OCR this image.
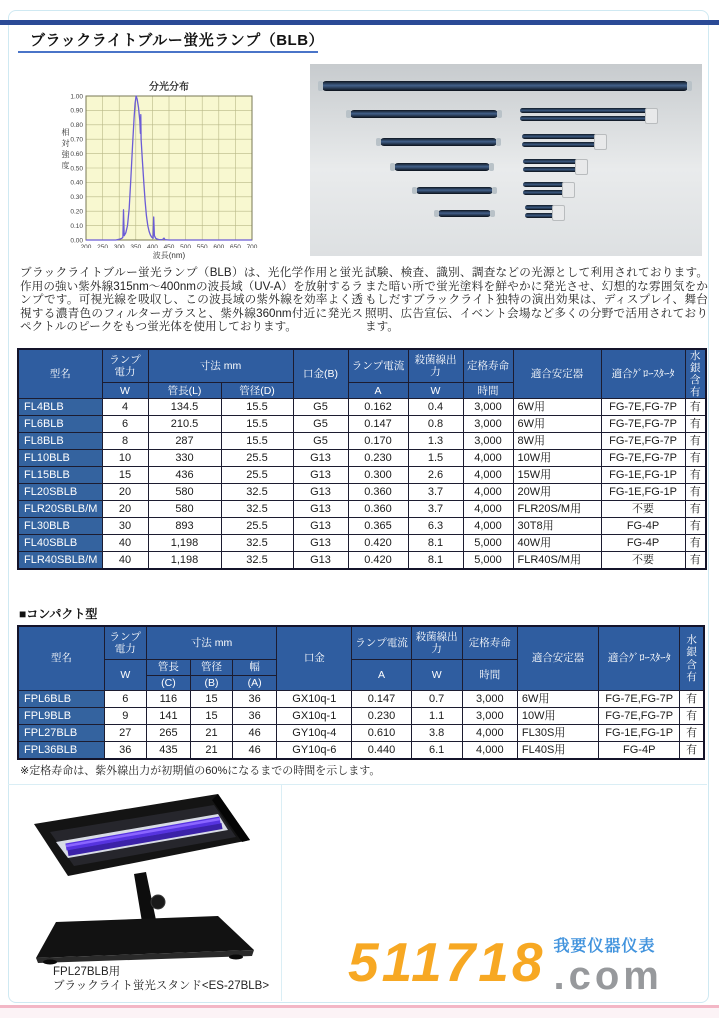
ブラックライトブルー蛍光ランプ（BLB）
分光分布
相対強度
200 250 300 350 400 450 500 550 600 650 700
0.00
0.10
0.20
0.30
0.40
0.50
0.60
0.70
0.80
0.90
1.00
波長(nm)
ブラックライトブルー蛍光ランプ（BLB）は、光化学作用と蛍光作用の強い紫外線315nm～400nmの波長域（UV-A）を放射するランプです。可視光線を吸収し、この波長域の紫外線を効率よく透視する濃青色のフィルターガラスと、紫外線360nm付近に発光スペクトルのピークをもつ蛍光体を使用しております。
試験、検査、識別、調査などの光源として利用されております。また暗い所で蛍光塗料を鮮やかに発光させ、幻想的な雰囲気をかもしだすブラックライト独特の演出効果は、ディスプレイ、舞台照明、広告宣伝、イベント会場など多くの分野で活用されております。
型名	ランプ電力	寸法 mm		口金(B)	ランプ電流	殺菌線出力	定格寿命	適合安定器	適合ｸﾞﾛｰｽﾀｰﾀ	水銀含有
	W	管長(L)	管径(D)		A	W	時間			
FL4BLB	4	134.5	15.5	G5	0.162	0.4	3,000	6W用	FG-7E,FG-7P	有
FL6BLB	6	210.5	15.5	G5	0.147	0.8	3,000	6W用	FG-7E,FG-7P	有
FL8BLB	8	287	15.5	G5	0.170	1.3	3,000	8W用	FG-7E,FG-7P	有
FL10BLB	10	330	25.5	G13	0.230	1.5	4,000	10W用	FG-7E,FG-7P	有
FL15BLB	15	436	25.5	G13	0.300	2.6	4,000	15W用	FG-1E,FG-1P	有
FL20SBLB	20	580	32.5	G13	0.360	3.7	4,000	20W用	FG-1E,FG-1P	有
FLR20SBLB/M	20	580	32.5	G13	0.360	3.7	4,000	FLR20S/M用	不要	有
FL30BLB	30	893	25.5	G13	0.365	6.3	4,000	30T8用	FG-4P	有
FL40SBLB	40	1,198	32.5	G13	0.420	8.1	5,000	40W用	FG-4P	有
FLR40SBLB/M	40	1,198	32.5	G13	0.420	8.1	5,000	FLR40S/M用	不要	有
■コンパクト型
型名	ランプ電力	寸法 mm			口金	ランプ電流	殺菌線出力	定格寿命	適合安定器	適合ｸﾞﾛｰｽﾀｰﾀ	水銀含有
	W	管長	管径	幅		A	W	時間			
		(C)	(B)	(A)							
FPL6BLB	6	116	15	36	GX10q-1	0.147	0.7	3,000	6W用	FG-7E,FG-7P	有
FPL9BLB	9	141	15	36	GX10q-1	0.230	1.1	3,000	10W用	FG-7E,FG-7P	有
FPL27BLB	27	265	21	46	GY10q-4	0.610	3.8	4,000	FL30S用	FG-1E,FG-1P	有
FPL36BLB	36	435	21	46	GY10q-6	0.440	6.1	4,000	FL40S用	FG-4P	有
※定格寿命は、紫外線出力が初期値の60%になるまでの時間を示します。
FPL27BLB用
ブラックライト蛍光スタンド<ES-27BLB> 511718 我要仪器仪表
.com
